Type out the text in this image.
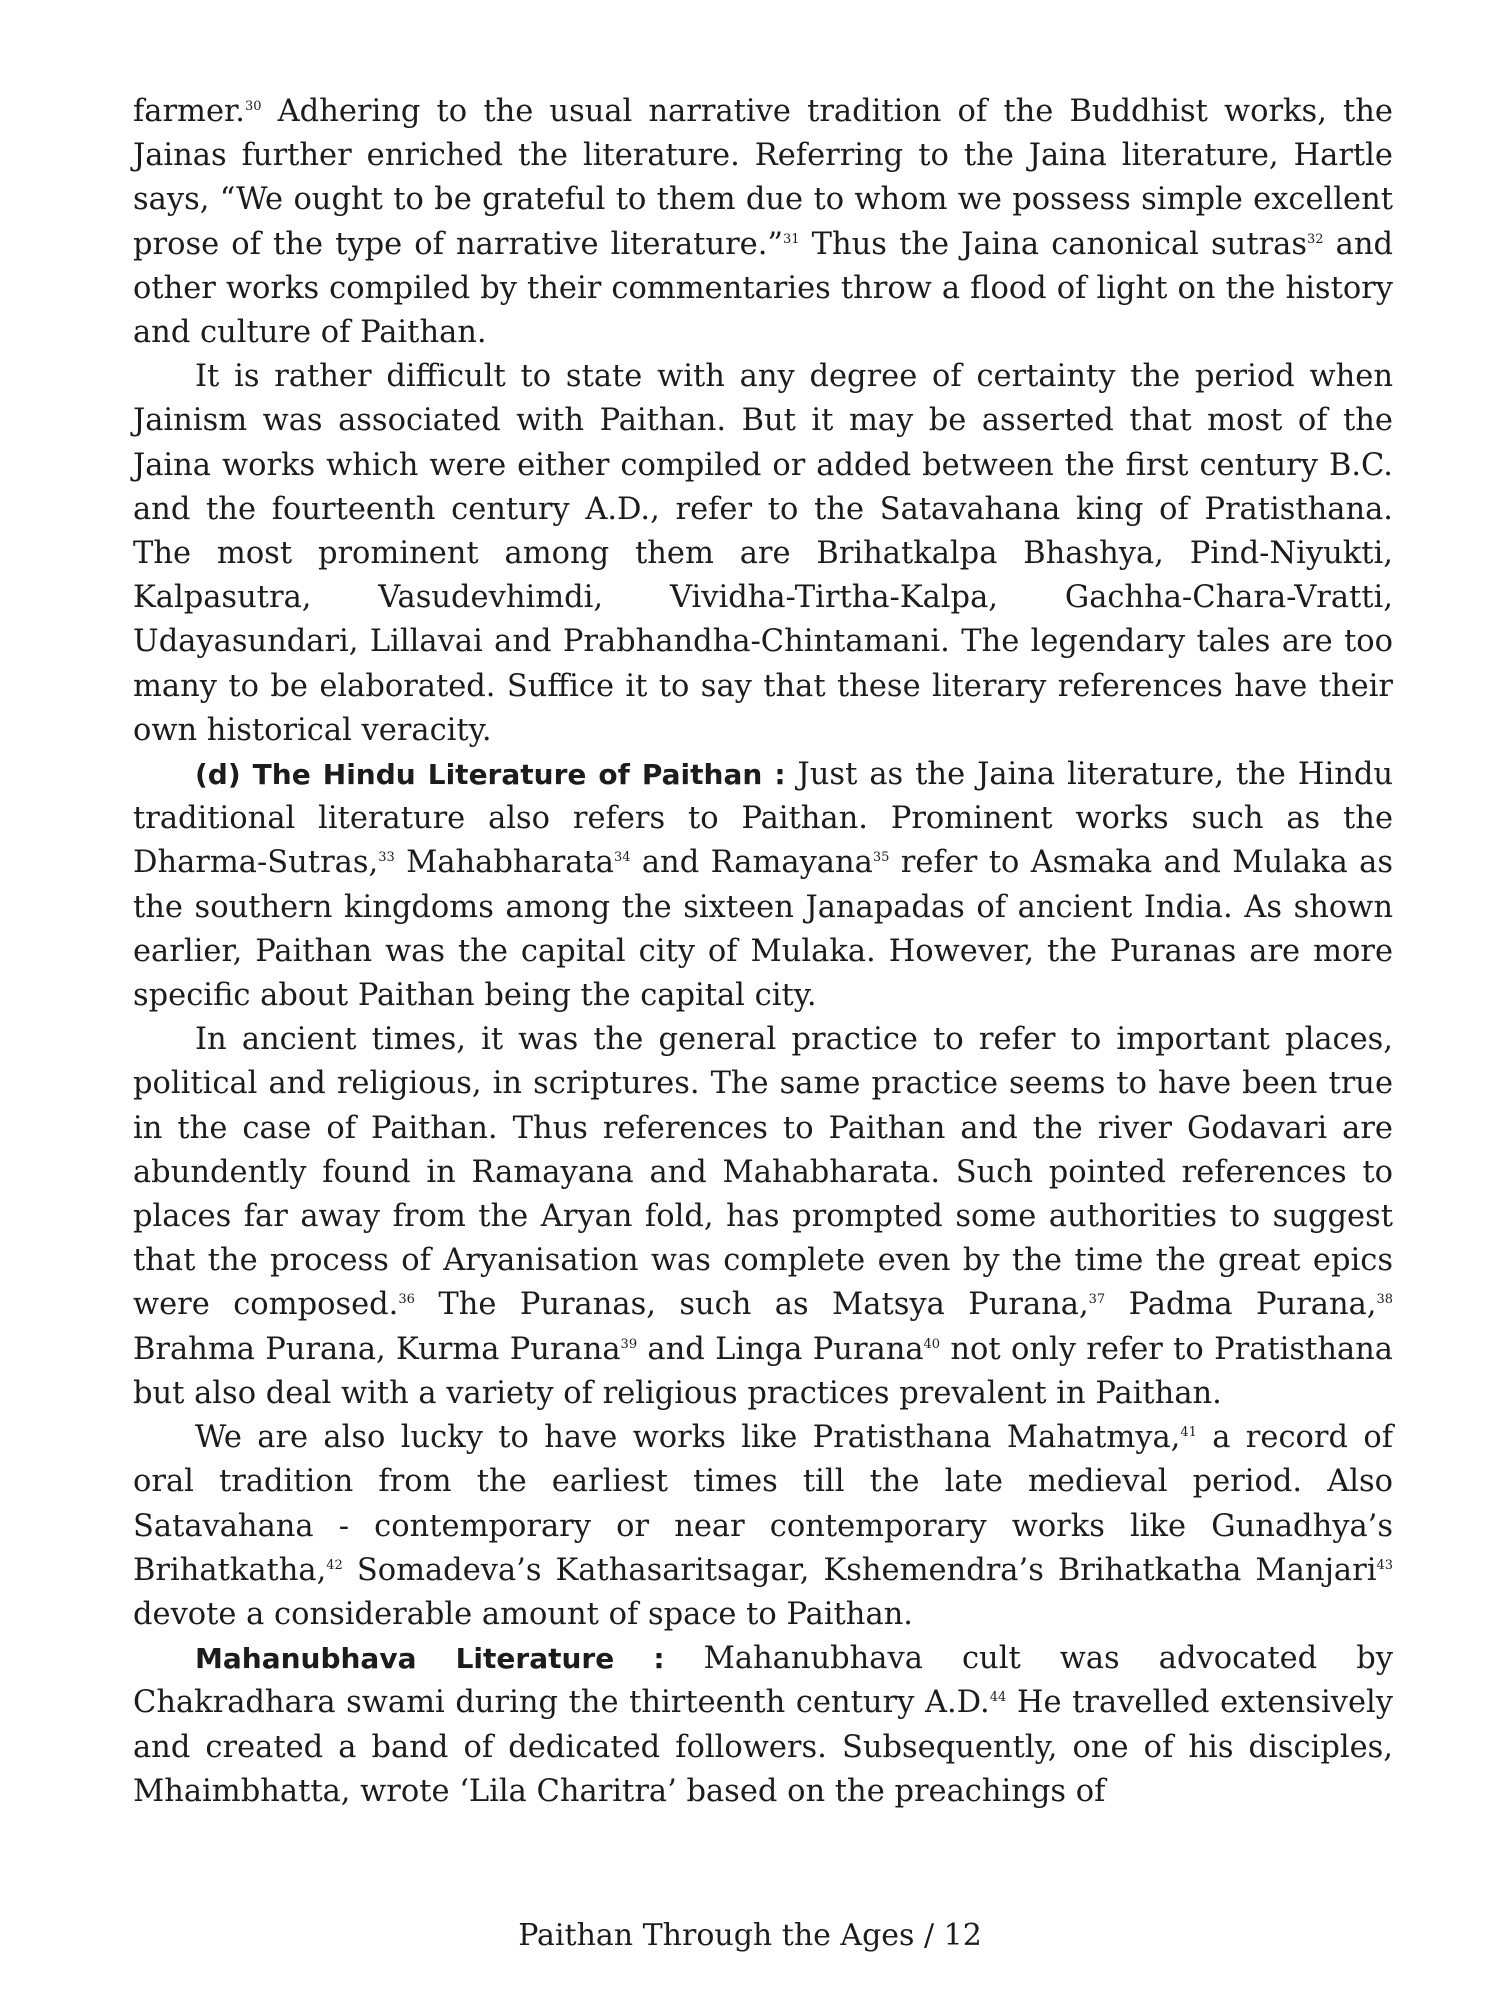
farmer.$^{30}$ Adhering to the usual narrative tradition of the Buddhist works, the Jainas further enriched the literature. Referring to the Jaina literature, Hartle says, “We ought to be grateful to them due to whom we possess simple excellent prose of the type of narrative literature.”$^{31}$ Thus the Jaina canonical sutras$^{32}$ and other works compiled by their commentaries throw a flood of light on the history and culture of Paithan.

It is rather difficult to state with any degree of certainty the period when Jainism was associated with Paithan. But it may be asserted that most of the Jaina works which were either compiled or added between the first century B.C. and the fourteenth century A.D., refer to the Satavahana king of Pratisthana. The most prominent among them are Brihatkalpa Bhashya, Pind-Niyukti, Kalpasutra, Vasudevhimdi, Vividha-Tirtha-Kalpa, Gachha-Chara-Vratti, Udayasundari, Lillavai and Prabhandha-Chintamani. The legendary tales are too many to be elaborated. Suffice it to say that these literary references have their own historical veracity.

(d) The Hindu Literature of Paithan : Just as the Jaina literature, the Hindu traditional literature also refers to Paithan. Prominent works such as the Dharma-Sutras,$^{33}$ Mahabharata$^{34}$ and Ramayana$^{35}$ refer to Asmaka and Mulaka as the southern kingdoms among the sixteen Janapadas of ancient India. As shown earlier, Paithan was the capital city of Mulaka. However, the Puranas are more specific about Paithan being the capital city.

In ancient times, it was the general practice to refer to important places, political and religious, in scriptures. The same practice seems to have been true in the case of Paithan. Thus references to Paithan and the river Godavari are abundently found in Ramayana and Mahabharata. Such pointed references to places far away from the Aryan fold, has prompted some authorities to suggest that the process of Aryanisation was complete even by the time the great epics were composed.$^{36}$ The Puranas, such as Matsya Purana,$^{37}$ Padma Purana,$^{38}$ Brahma Purana, Kurma Purana$^{39}$ and Linga Purana$^{40}$ not only refer to Pratisthana but also deal with a variety of religious practices prevalent in Paithan.

We are also lucky to have works like Pratisthana Mahatmya,$^{41}$ a record of oral tradition from the earliest times till the late medieval period. Also Satavahana - contemporary or near contemporary works like Gunadhya’s Brihatkatha,$^{42}$ Somadeva’s Kathasaritsagar, Kshemendra’s Brihatkatha Manjari$^{43}$ devote a considerable amount of space to Paithan.

Mahanubhava Literature : Mahanubhava cult was advocated by Chakradhara swami during the thirteenth century A.D.$^{44}$ He travelled extensively and created a band of dedicated followers. Subsequently, one of his disciples, Mhaimbhatta, wrote ‘Lila Charitra’ based on the preachings of

Paithan Through the Ages / 12
